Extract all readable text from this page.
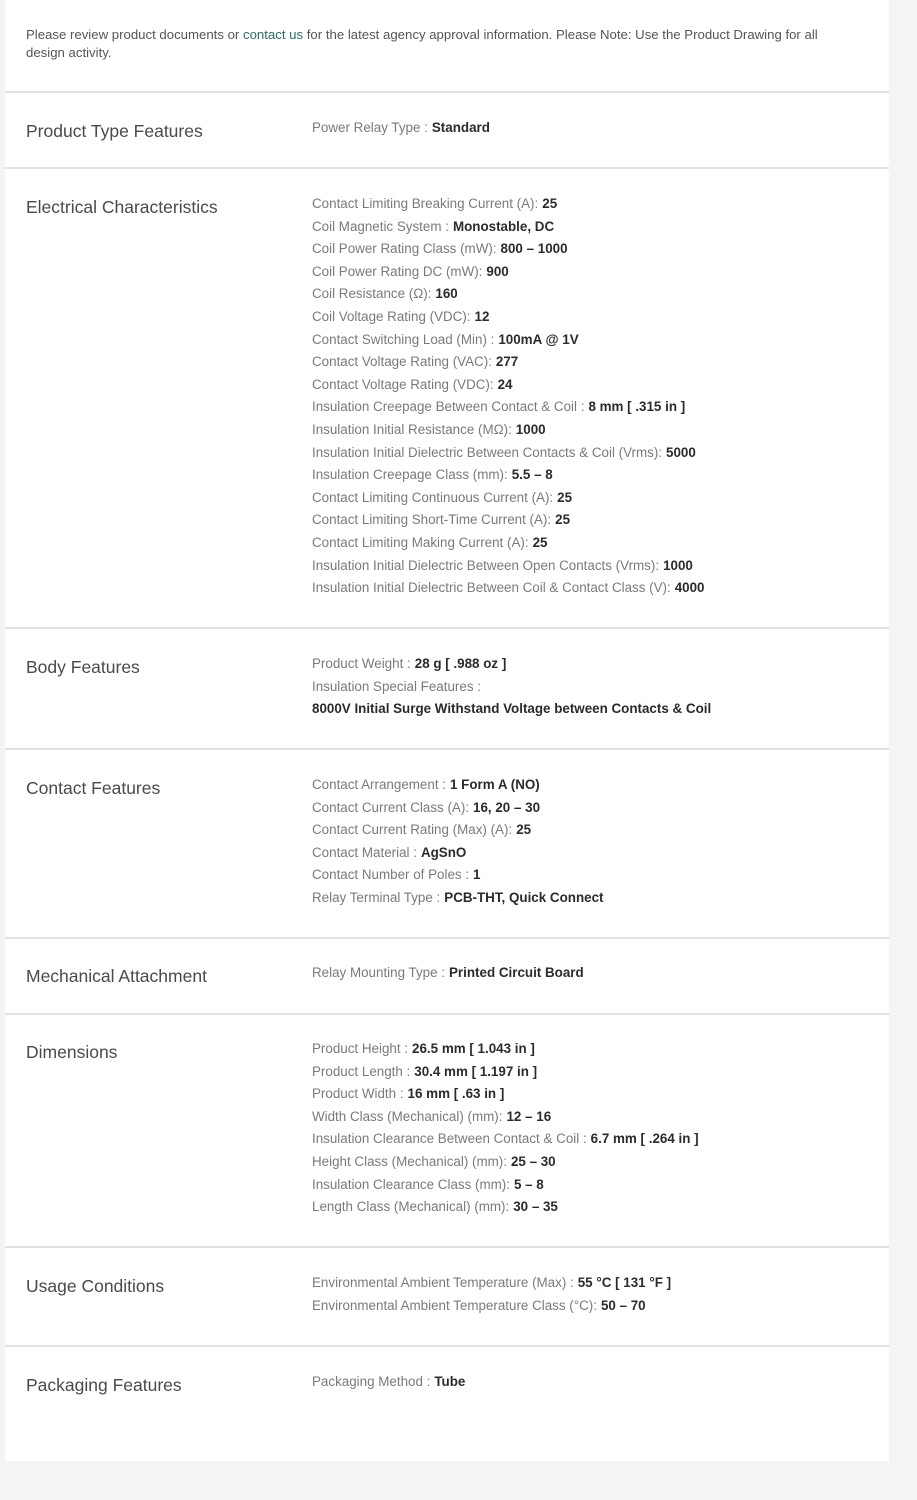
Please review product documents or contact us for the latest agency approval information. Please Note: Use the Product Drawing for all design activity.

Product Type Features	Power Relay Type : Standard
Electrical Characteristics	Contact Limiting Breaking Current (A): 25
Coil Magnetic System : Monostable, DC
Coil Power Rating Class (mW): 800 – 1000
Coil Power Rating DC (mW): 900
Coil Resistance (Ω): 160
Coil Voltage Rating (VDC): 12
Contact Switching Load (Min) : 100mA @ 1V
Contact Voltage Rating (VAC): 277
Contact Voltage Rating (VDC): 24
Insulation Creepage Between Contact & Coil : 8 mm [ .315 in ]
Insulation Initial Resistance (MΩ): 1000
Insulation Initial Dielectric Between Contacts & Coil (Vrms): 5000
Insulation Creepage Class (mm): 5.5 – 8
Contact Limiting Continuous Current (A): 25
Contact Limiting Short-Time Current (A): 25
Contact Limiting Making Current (A): 25
Insulation Initial Dielectric Between Open Contacts (Vrms): 1000
Insulation Initial Dielectric Between Coil & Contact Class (V): 4000
Body Features	Product Weight : 28 g [ .988 oz ]
Insulation Special Features :
8000V Initial Surge Withstand Voltage between Contacts & Coil
Contact Features	Contact Arrangement : 1 Form A (NO)
Contact Current Class (A): 16, 20 – 30
Contact Current Rating (Max) (A): 25
Contact Material : AgSnO
Contact Number of Poles : 1
Relay Terminal Type : PCB-THT, Quick Connect
Mechanical Attachment	Relay Mounting Type : Printed Circuit Board
Dimensions	Product Height : 26.5 mm [ 1.043 in ]
Product Length : 30.4 mm [ 1.197 in ]
Product Width : 16 mm [ .63 in ]
Width Class (Mechanical) (mm): 12 – 16
Insulation Clearance Between Contact & Coil : 6.7 mm [ .264 in ]
Height Class (Mechanical) (mm): 25 – 30
Insulation Clearance Class (mm): 5 – 8
Length Class (Mechanical) (mm): 30 – 35
Usage Conditions	Environmental Ambient Temperature (Max) : 55 °C [ 131 °F ]
Environmental Ambient Temperature Class (°C): 50 – 70
Packaging Features	Packaging Method : Tube
